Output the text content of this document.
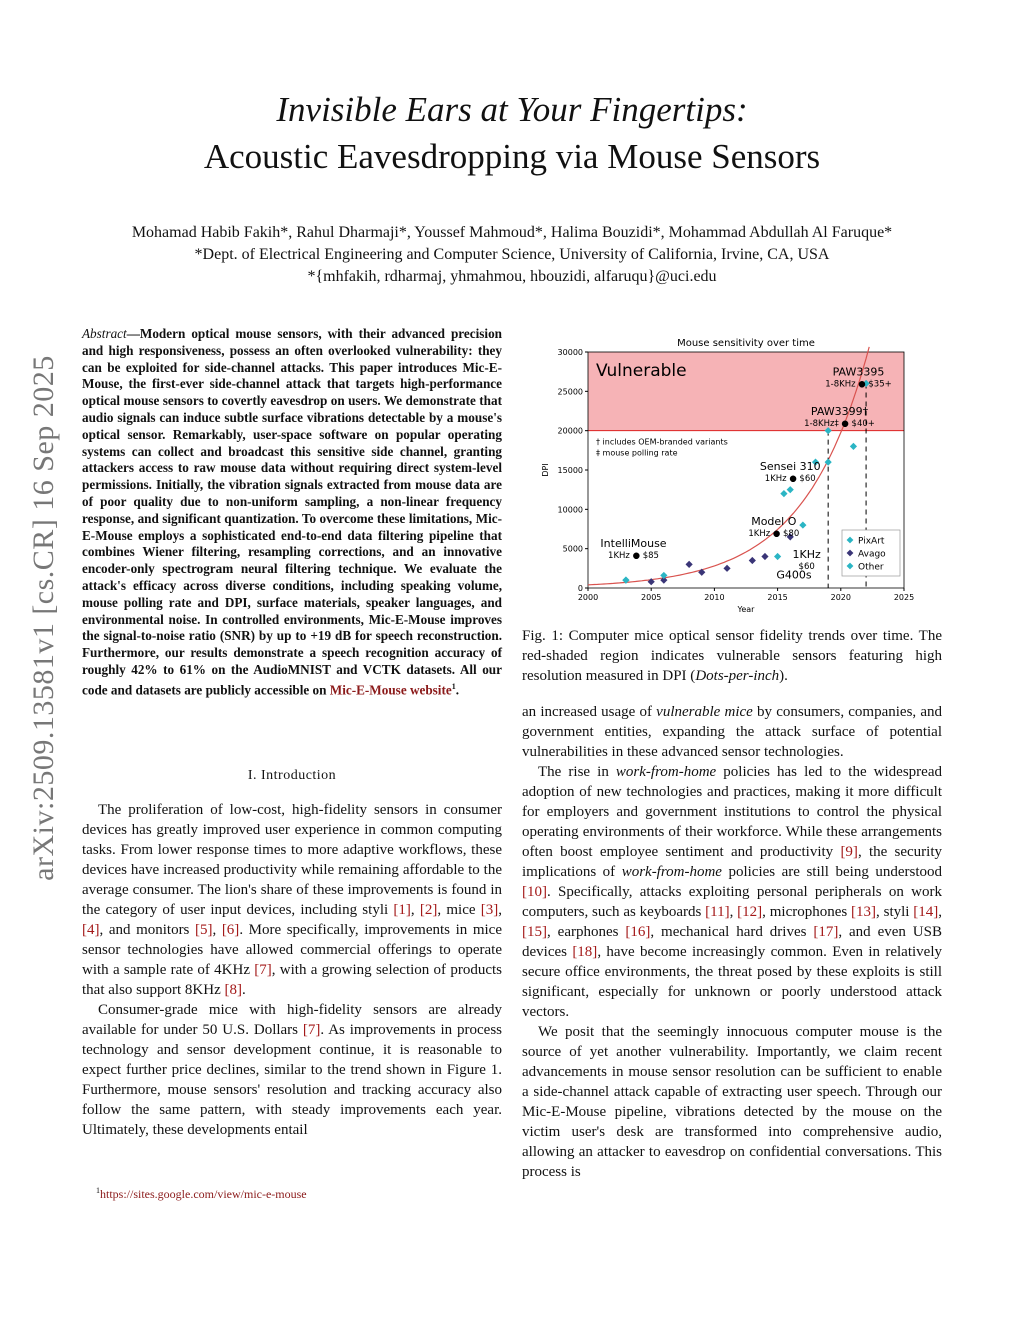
arXiv:2509.13581v1 [cs.CR] 16 Sep 2025
Invisible Ears at Your Fingertips:
Acoustic Eavesdropping via Mouse Sensors
Mohamad Habib Fakih*, Rahul Dharmaji*, Youssef Mahmoud*, Halima Bouzidi*, Mohammad Abdullah Al Faruque*
*Dept. of Electrical Engineering and Computer Science, University of California, Irvine, CA, USA
*{mhfakih, rdharmaj, yhmahmou, hbouzidi, alfaruqu}@uci.edu
Abstract—Modern optical mouse sensors, with their advanced precision and high responsiveness, possess an often overlooked vulnerability: they can be exploited for side-channel attacks. This paper introduces Mic-E-Mouse, the first-ever side-channel attack that targets high-performance optical mouse sensors to covertly eavesdrop on users. We demonstrate that audio signals can induce subtle surface vibrations detectable by a mouse's optical sensor. Remarkably, user-space software on popular operating systems can collect and broadcast this sensitive side channel, granting attackers access to raw mouse data without requiring direct system-level permissions. Initially, the vibration signals extracted from mouse data are of poor quality due to non-uniform sampling, a non-linear frequency response, and significant quantization. To overcome these limitations, Mic-E-Mouse employs a sophisticated end-to-end data filtering pipeline that combines Wiener filtering, resampling corrections, and an innovative encoder-only spectrogram neural filtering technique. We evaluate the attack's efficacy across diverse conditions, including speaking volume, mouse polling rate and DPI, surface materials, speaker languages, and environmental noise. In controlled environments, Mic-E-Mouse improves the signal-to-noise ratio (SNR) by up to +19 dB for speech reconstruction. Furthermore, our results demonstrate a speech recognition accuracy of roughly 42% to 61% on the AudioMNIST and VCTK datasets. All our code and datasets are publicly accessible on Mic-E-Mouse website$^1$.
I. Introduction

The proliferation of low-cost, high-fidelity sensors in consumer devices has greatly improved user experience in common computing tasks. From lower response times to more adaptive workflows, these devices have increased productivity while remaining affordable to the average consumer. The lion's share of these improvements is found in the category of user input devices, including styli [1], [2], mice [3], [4], and monitors [5], [6]. More specifically, improvements in mice sensor technologies have allowed commercial offerings to operate with a sample rate of 4KHz [7], with a growing selection of products that also support 8KHz [8].

Consumer-grade mice with high-fidelity sensors are already available for under 50 U.S. Dollars [7]. As improvements in process technology and sensor development continue, it is reasonable to expect further price declines, similar to the trend shown in Figure 1. Furthermore, mouse sensors' resolution and tracking accuracy also follow the same pattern, with steady improvements each year. Ultimately, these developments entail

$^1$https://sites.google.com/view/mic-e-mouse
Mouse sensitivity over time
0
5000
10000
15000
20000
25000
30000
2000	2005	2010	2015	2020	2025
Year
DPI
Vulnerable
† includes OEM-branded variants
‡ mouse polling rate
PAW3395
1-8KHz ● $35+
PAW3399†
1-8KHz‡ ● $40+
Sensei 310
1KHz ● $60
Model O
1KHz ● $80
IntelliMouse
1KHz ● $85	1KHz
$60
G400s
PixArt
Avago
Other
Fig. 1: Computer mice optical sensor fidelity trends over time. The red-shaded region indicates vulnerable sensors featuring high resolution measured in DPI (Dots-per-inch).

an increased usage of vulnerable mice by consumers, companies, and government entities, expanding the attack surface of potential vulnerabilities in these advanced sensor technologies.

The rise in work-from-home policies has led to the widespread adoption of new technologies and practices, making it more difficult for employers and government institutions to control the physical operating environments of their workforce. While these arrangements often boost employee sentiment and productivity [9], the security implications of work-from-home policies are still being understood [10]. Specifically, attacks exploiting personal peripherals on work computers, such as keyboards [11], [12], microphones [13], styli [14], [15], earphones [16], mechanical hard drives [17], and even USB devices [18], have become increasingly common. Even in relatively secure office environments, the threat posed by these exploits is still significant, especially for unknown or poorly understood attack vectors.

We posit that the seemingly innocuous computer mouse is the source of yet another vulnerability. Importantly, we claim recent advancements in mouse sensor resolution can be sufficient to enable a side-channel attack capable of extracting user speech. Through our Mic-E-Mouse pipeline, vibrations detected by the mouse on the victim user's desk are transformed into comprehensive audio, allowing an attacker to eavesdrop on confidential conversations. This process is
